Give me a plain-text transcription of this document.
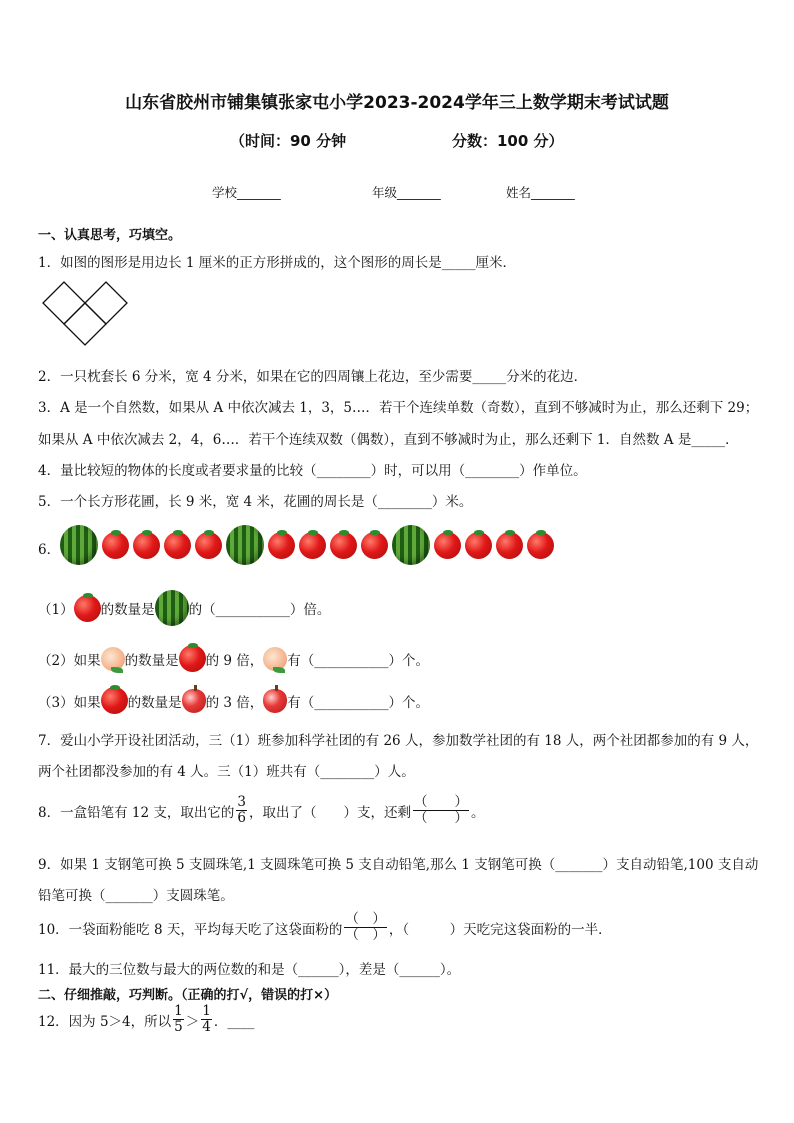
山东省胶州市铺集镇张家屯小学2023-2024学年三上数学期末考试试题
（时间：90 分钟	分数：100 分）
学校_______	年级_______	姓名_______
一、认真思考，巧填空。
1．如图的图形是用边长 1 厘米的正方形拼成的，这个图形的周长是_____厘米．
2．一只枕套长 6 分米，宽 4 分米，如果在它的四周镶上花边，至少需要_____分米的花边．
3．A 是一个自然数，如果从 A 中依次减去 1，3，5…．若干个连续单数（奇数），直到不够减时为止，那么还剩下 29；
如果从 A 中依次减去 2，4，6…．若干个连续双数（偶数），直到不够减时为止，那么还剩下 1．自然数 A 是_____．
4．量比较短的物体的长度或者要求量的比较（________）时，可以用（________）作单位。
5．一个长方形花圃，长 9 米，宽 4 米，花圃的周长是（________）米。
6．
（1） 的数量是	的（___________）倍。
（2）如果 的数量是 的 9 倍， 有（___________）个。
（3）如果 的数量是 的 3 倍， 有（___________）个。
7．爱山小学开设社团活动，三（1）班参加科学社团的有 26 人，参加数学社团的有 18 人，两个社团都参加的有 9 人，
两个社团都没参加的有 4 人。三（1）班共有（________）人。
8．一盒铅笔有 12 支，取出它的 $\frac{3}{6}$ ，取出了（　　）支，还剩 $\frac{( )}{( )}$ 。
9．如果 1 支钢笔可换 5 支圆珠笔,1 支圆珠笔可换 5 支自动铅笔,那么 1 支钢笔可换（_______）支自动铅笔,100 支自动
铅笔可换（_______）支圆珠笔。
10．一袋面粉能吃 8 天，平均每天吃了这袋面粉的 $\frac{( )}{( )}$ ，（　　　）天吃完这袋面粉的一半．
11．最大的三位数与最大的两位数的和是（______），差是（______）。
二、仔细推敲，巧判断。（正确的打√，错误的打×）
12．因为 5＞4，所以 $\frac{1}{5} > \frac{1}{4}$ ．____
